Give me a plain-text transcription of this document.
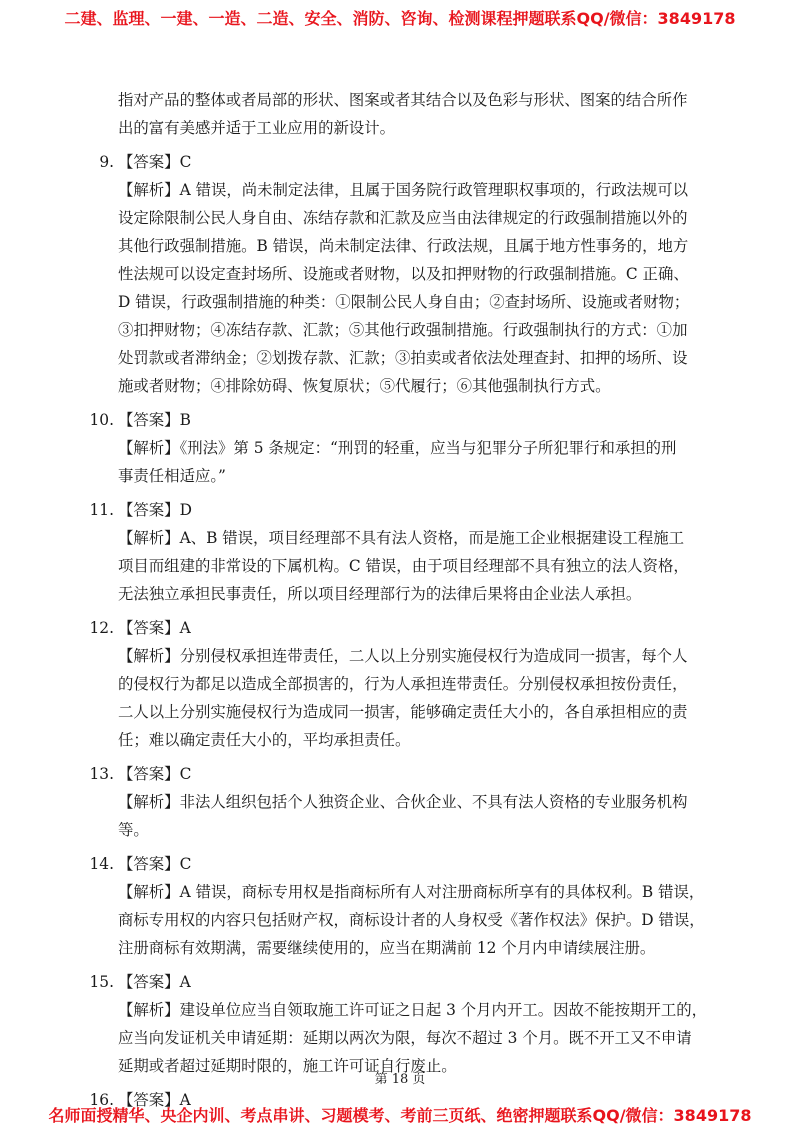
二建、监理、一建、一造、二造、安全、消防、咨询、检测课程押题联系QQ/微信：3849178
指对产品的整体或者局部的形状、图案或者其结合以及色彩与形状、图案的结合所作
出的富有美感并适于工业应用的新设计。
9. 【答案】C
【解析】A 错误，尚未制定法律，且属于国务院行政管理职权事项的，行政法规可以
设定除限制公民人身自由、冻结存款和汇款及应当由法律规定的行政强制措施以外的
其他行政强制措施。B 错误，尚未制定法律、行政法规，且属于地方性事务的，地方
性法规可以设定查封场所、设施或者财物，以及扣押财物的行政强制措施。C 正确、
D 错误，行政强制措施的种类：①限制公民人身自由；②查封场所、设施或者财物；
③扣押财物；④冻结存款、汇款；⑤其他行政强制措施。行政强制执行的方式：①加
处罚款或者滞纳金；②划拨存款、汇款；③拍卖或者依法处理查封、扣押的场所、设
施或者财物；④排除妨碍、恢复原状；⑤代履行；⑥其他强制执行方式。
10. 【答案】B
【解析】《刑法》第 5 条规定：“刑罚的轻重，应当与犯罪分子所犯罪行和承担的刑
事责任相适应。”
11. 【答案】D
【解析】A、B 错误，项目经理部不具有法人资格，而是施工企业根据建设工程施工
项目而组建的非常设的下属机构。C 错误，由于项目经理部不具有独立的法人资格，
无法独立承担民事责任，所以项目经理部行为的法律后果将由企业法人承担。
12. 【答案】A
【解析】分别侵权承担连带责任，二人以上分别实施侵权行为造成同一损害，每个人
的侵权行为都足以造成全部损害的，行为人承担连带责任。分别侵权承担按份责任，
二人以上分别实施侵权行为造成同一损害，能够确定责任大小的，各自承担相应的责
任；难以确定责任大小的，平均承担责任。
13. 【答案】C
【解析】非法人组织包括个人独资企业、合伙企业、不具有法人资格的专业服务机构
等。
14. 【答案】C
【解析】A 错误，商标专用权是指商标所有人对注册商标所享有的具体权利。B 错误，
商标专用权的内容只包括财产权，商标设计者的人身权受《著作权法》保护。D 错误，
注册商标有效期满，需要继续使用的，应当在期满前 12 个月内申请续展注册。
15. 【答案】A
【解析】建设单位应当自领取施工许可证之日起 3 个月内开工。因故不能按期开工的，
应当向发证机关申请延期：延期以两次为限，每次不超过 3 个月。既不开工又不申请
延期或者超过延期时限的，施工许可证自行废止。
16. 【答案】A
第 18 页
名师面授精华、央企内训、考点串讲、习题模考、考前三页纸、绝密押题联系QQ/微信：3849178
